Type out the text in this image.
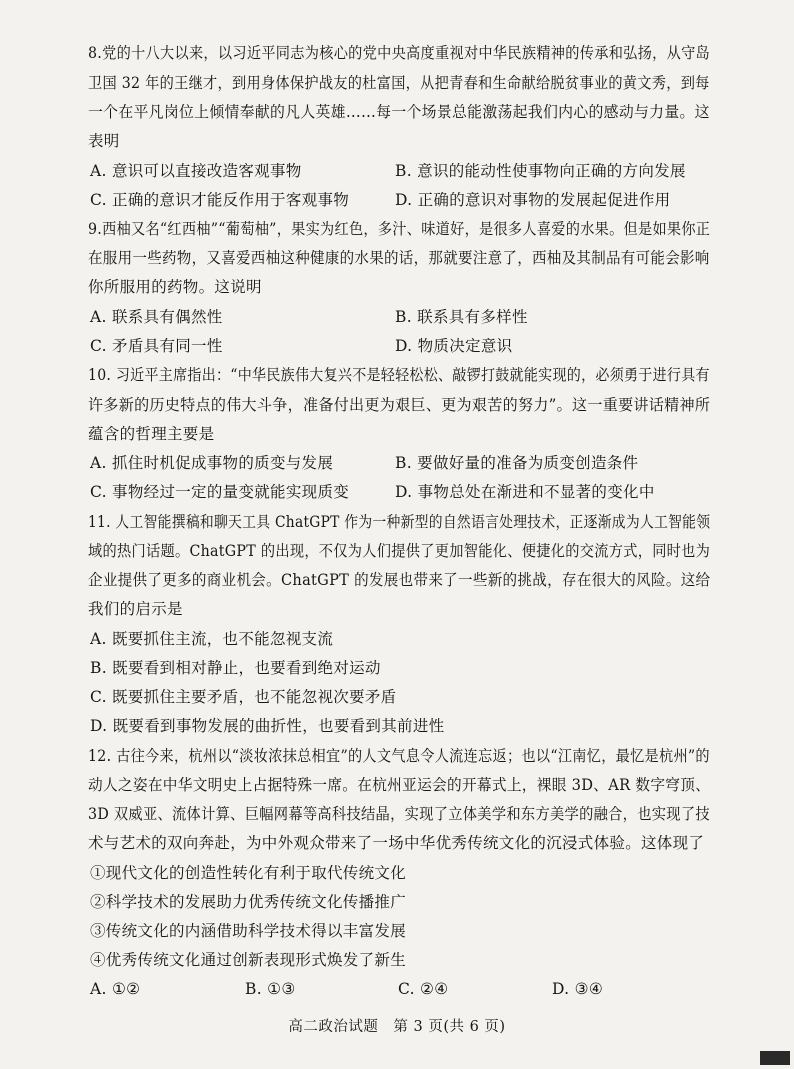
8.党的十八大以来，以习近平同志为核心的党中央高度重视对中华民族精神的传承和弘扬，从守岛
卫国 32 年的王继才，到用身体保护战友的杜富国，从把青春和生命献给脱贫事业的黄文秀，到每
一个在平凡岗位上倾情奉献的凡人英雄……每一个场景总能激荡起我们内心的感动与力量。这
表明
A. 意识可以直接改造客观事物	B. 意识的能动性使事物向正确的方向发展
C. 正确的意识才能反作用于客观事物	D. 正确的意识对事物的发展起促进作用
9.西柚又名“红西柚”“葡萄柚”，果实为红色，多汁、味道好，是很多人喜爱的水果。但是如果你正
在服用一些药物，又喜爱西柚这种健康的水果的话，那就要注意了，西柚及其制品有可能会影响
你所服用的药物。这说明
A. 联系具有偶然性	B. 联系具有多样性
C. 矛盾具有同一性	D. 物质决定意识
10. 习近平主席指出：“中华民族伟大复兴不是轻轻松松、敲锣打鼓就能实现的，必须勇于进行具有
许多新的历史特点的伟大斗争，准备付出更为艰巨、更为艰苦的努力”。这一重要讲话精神所
蕴含的哲理主要是
A. 抓住时机促成事物的质变与发展	B. 要做好量的准备为质变创造条件
C. 事物经过一定的量变就能实现质变	D. 事物总处在渐进和不显著的变化中
11. 人工智能撰稿和聊天工具 ChatGPT 作为一种新型的自然语言处理技术，正逐渐成为人工智能领
域的热门话题。ChatGPT 的出现，不仅为人们提供了更加智能化、便捷化的交流方式，同时也为
企业提供了更多的商业机会。ChatGPT 的发展也带来了一些新的挑战，存在很大的风险。这给
我们的启示是
A. 既要抓住主流，也不能忽视支流
B. 既要看到相对静止，也要看到绝对运动
C. 既要抓住主要矛盾，也不能忽视次要矛盾
D. 既要看到事物发展的曲折性，也要看到其前进性
12. 古往今来，杭州以“淡妆浓抹总相宜”的人文气息令人流连忘返；也以“江南忆，最忆是杭州”的
动人之姿在中华文明史上占据特殊一席。在杭州亚运会的开幕式上，裸眼 3D、AR 数字穹顶、
3D 双威亚、流体计算、巨幅网幕等高科技结晶，实现了立体美学和东方美学的融合，也实现了技
术与艺术的双向奔赴，为中外观众带来了一场中华优秀传统文化的沉浸式体验。这体现了
①现代文化的创造性转化有利于取代传统文化
②科学技术的发展助力优秀传统文化传播推广
③传统文化的内涵借助科学技术得以丰富发展
④优秀传统文化通过创新表现形式焕发了新生
A. ①②	B. ①③	C. ②④	D. ③④
高二政治试题　第 3 页(共 6 页)
